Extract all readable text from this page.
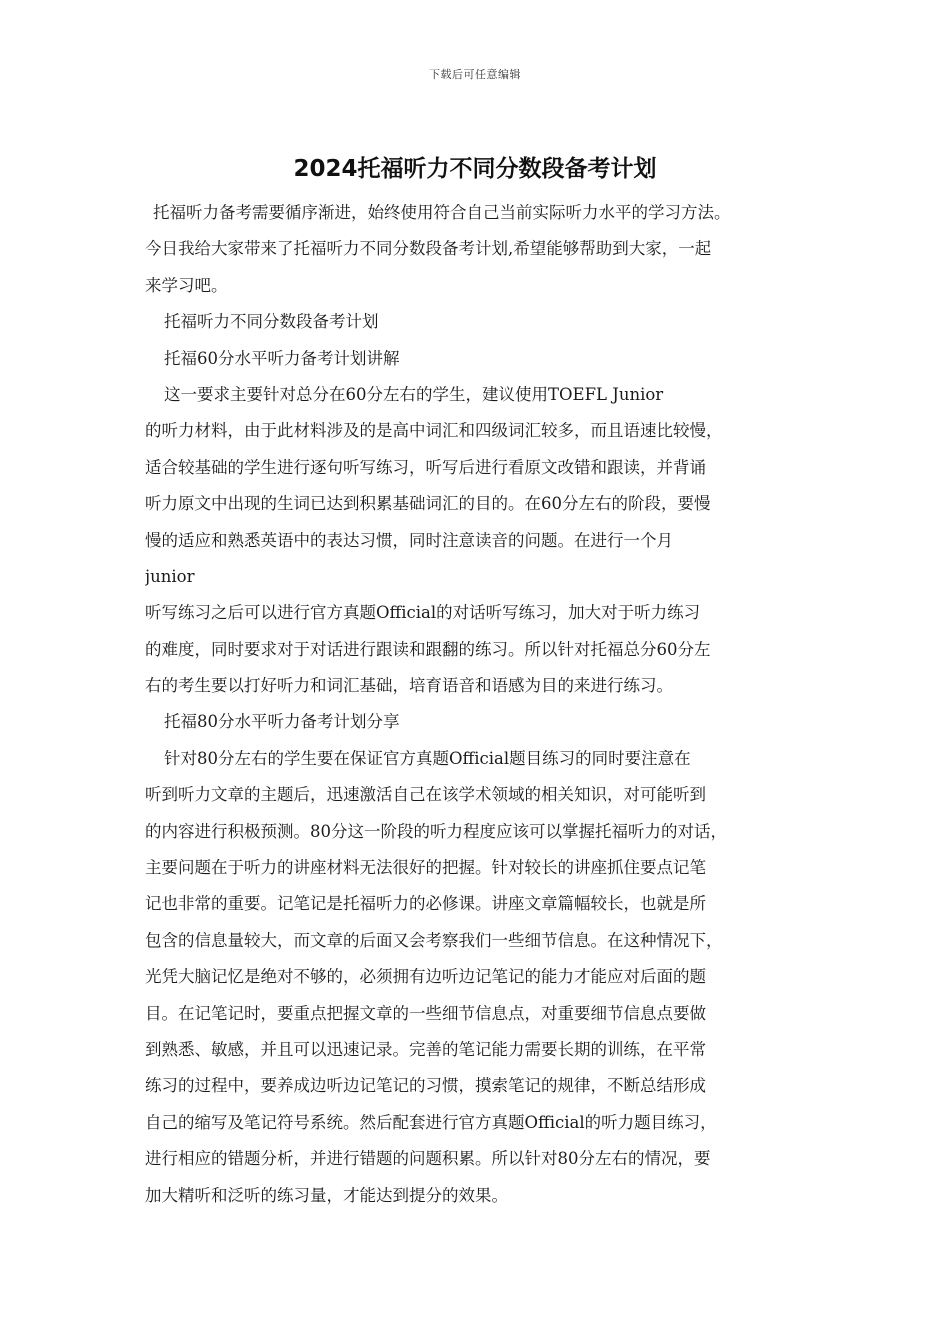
下载后可任意编辑
2024托福听力不同分数段备考计划
托福听力备考需要循序渐进，始终使用符合自己当前实际听力水平的学习方法。
今日我给大家带来了托福听力不同分数段备考计划,希望能够帮助到大家，一起
来学习吧。
托福听力不同分数段备考计划
托福60分水平听力备考计划讲解
这一要求主要针对总分在60分左右的学生，建议使用TOEFL Junior
的听力材料，由于此材料涉及的是高中词汇和四级词汇较多，而且语速比较慢，
适合较基础的学生进行逐句听写练习，听写后进行看原文改错和跟读，并背诵
听力原文中出现的生词已达到积累基础词汇的目的。在60分左右的阶段，要慢
慢的适应和熟悉英语中的表达习惯，同时注意读音的问题。在进行一个月
junior
听写练习之后可以进行官方真题Official的对话听写练习，加大对于听力练习
的难度，同时要求对于对话进行跟读和跟翻的练习。所以针对托福总分60分左
右的考生要以打好听力和词汇基础，培育语音和语感为目的来进行练习。
托福80分水平听力备考计划分享
针对80分左右的学生要在保证官方真题Official题目练习的同时要注意在
听到听力文章的主题后，迅速激活自己在该学术领域的相关知识，对可能听到
的内容进行积极预测。80分这一阶段的听力程度应该可以掌握托福听力的对话，
主要问题在于听力的讲座材料无法很好的把握。针对较长的讲座抓住要点记笔
记也非常的重要。记笔记是托福听力的必修课。讲座文章篇幅较长，也就是所
包含的信息量较大，而文章的后面又会考察我们一些细节信息。在这种情况下，
光凭大脑记忆是绝对不够的，必须拥有边听边记笔记的能力才能应对后面的题
目。在记笔记时，要重点把握文章的一些细节信息点，对重要细节信息点要做
到熟悉、敏感，并且可以迅速记录。完善的笔记能力需要长期的训练，在平常
练习的过程中，要养成边听边记笔记的习惯，摸索笔记的规律，不断总结形成
自己的缩写及笔记符号系统。然后配套进行官方真题Official的听力题目练习，
进行相应的错题分析，并进行错题的问题积累。所以针对80分左右的情况，要
加大精听和泛听的练习量，才能达到提分的效果。
